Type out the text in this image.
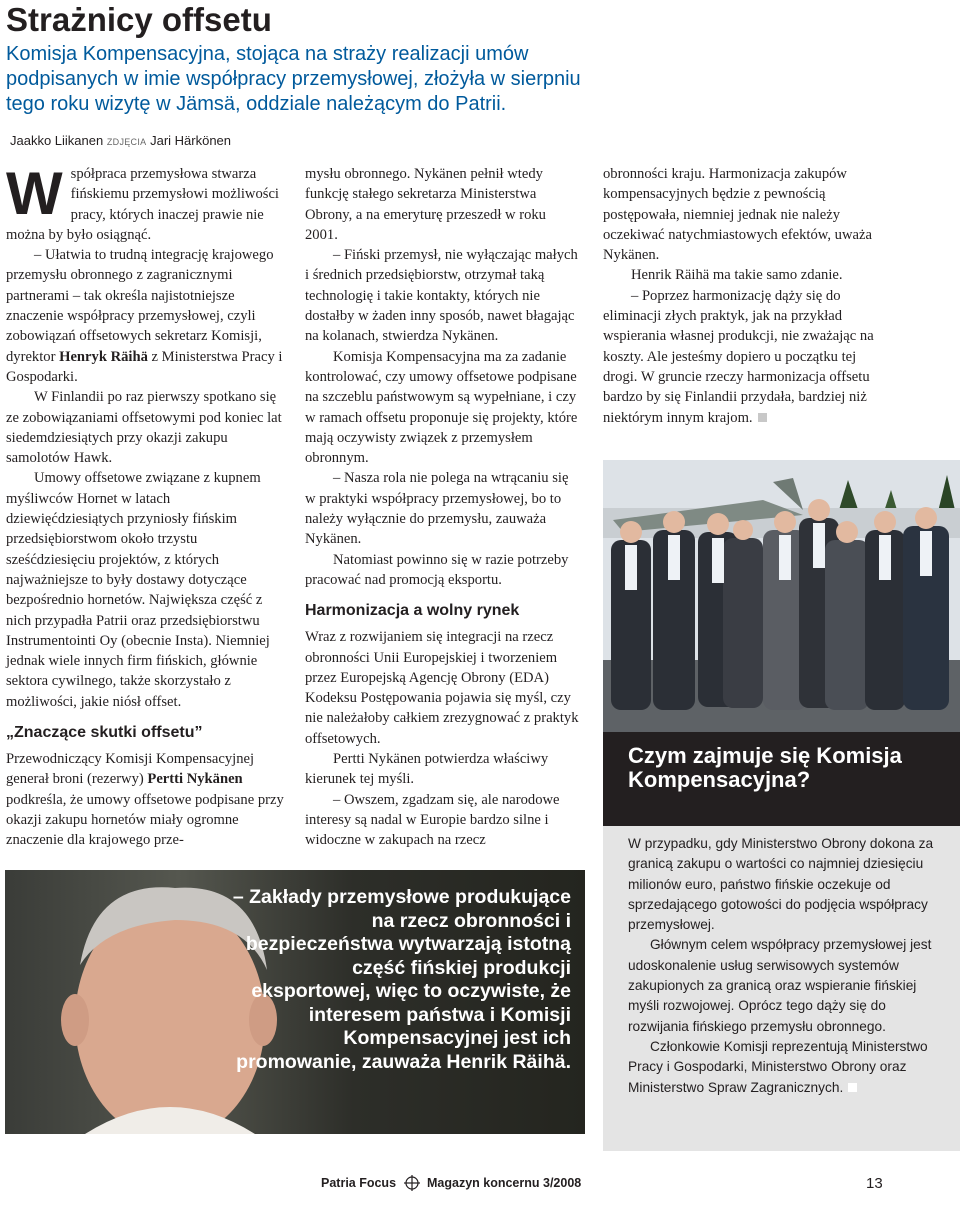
Strażnicy offsetu
Komisja Kompensacyjna, stojąca na straży realizacji umów podpisanych w imie współpracy przemysłowej, złożyła w sierpniu tego roku wizytę w Jämsä, oddziale należącym do Patrii.
Jaakko Liikanen ZDJĘCIA Jari Härkönen

Współpraca przemysłowa stwarza fińskiemu przemysłowi możliwości pracy, których inaczej prawie nie można by było osiągnąć.

– Ułatwia to trudną integrację krajowego przemysłu obronnego z zagranicznymi partnerami – tak określa najistotniejsze znaczenie współpracy przemysłowej, czyli zobowiązań offsetowych sekretarz Komisji, dyrektor Henryk Räihä z Ministerstwa Pracy i Gospodarki.

W Finlandii po raz pierwszy spotkano się ze zobowiązaniami offsetowymi pod koniec lat siedemdziesiątych przy okazji zakupu samolotów Hawk.

Umowy offsetowe związane z kupnem myśliwców Hornet w latach dziewięćdziesiątych przyniosły fińskim przedsiębiorstwom około trzystu sześćdziesięciu projektów, z których najważniejsze to były dostawy dotyczące bezpośrednio hornetów. Największa część z nich przypadła Patrii oraz przedsiębiorstwu Instrumentointi Oy (obecnie Insta). Niemniej jednak wiele innych firm fińskich, głównie sektora cywilnego, także skorzystało z możliwości, jakie niósł offset.

„Znaczące skutki offsetu”

Przewodniczący Komisji Kompensacyjnej generał broni (rezerwy) Pertti Nykänen podkreśla, że umowy offsetowe podpisane przy okazji zakupu hornetów miały ogromne znaczenie dla krajowego prze-

mysłu obronnego. Nykänen pełnił wtedy funkcję stałego sekretarza Ministerstwa Obrony, a na emeryturę przeszedł w roku 2001.

– Fiński przemysł, nie wyłączając małych i średnich przedsiębiorstw, otrzymał taką technologię i takie kontakty, których nie dostałby w żaden inny sposób, nawet błagając na kolanach, stwierdza Nykänen.

Komisja Kompensacyjna ma za zadanie kontrolować, czy umowy offsetowe podpisane na szczeblu państwowym są wypełniane, i czy w ramach offsetu proponuje się projekty, które mają oczywisty związek z przemysłem obronnym.

– Nasza rola nie polega na wtrącaniu się w praktyki współpracy przemysłowej, bo to należy wyłącznie do przemysłu, zauważa Nykänen.

Natomiast powinno się w razie potrzeby pracować nad promocją eksportu.

Harmonizacja a wolny rynek

Wraz z rozwijaniem się integracji na rzecz obronności Unii Europejskiej i tworzeniem przez Europejską Agencję Obrony (EDA) Kodeksu Postępowania pojawia się myśl, czy nie należałoby całkiem zrezygnować z praktyk offsetowych.

Pertti Nykänen potwierdza właściwy kierunek tej myśli.

– Owszem, zgadzam się, ale narodowe interesy są nadal w Europie bardzo silne i widoczne w zakupach na rzecz

obronności kraju. Harmonizacja zakupów kompensacyjnych będzie z pewnością postępowała, niemniej jednak nie należy oczekiwać natychmiastowych efektów, uważa Nykänen.

Henrik Räihä ma takie samo zdanie.

– Poprzez harmonizację dąży się do eliminacji złych praktyk, jak na przykład wspierania własnej produkcji, nie zważając na koszty. Ale jesteśmy dopiero u początku tej drogi. W gruncie rzeczy harmonizacja offsetu bardzo by się Finlandii przydała, bardziej niż niektórym innym krajom.

Czym zajmuje się Komisja Kompensacyjna?

W przypadku, gdy Ministerstwo Obrony dokona za granicą zakupu o wartości co najmniej dziesięciu milionów euro, państwo fińskie oczekuje od sprzedającego gotowości do podjęcia współpracy przemysłowej.

Głównym celem współpracy przemysłowej jest udoskonalenie usług serwisowych systemów zakupionych za granicą oraz wspieranie fińskiej myśli rozwojowej. Oprócz tego dąży się do rozwijania fińskiego przemysłu obronnego.

Członkowie Komisji reprezentują Ministerstwo Pracy i Gospodarki, Ministerstwo Obrony oraz Ministerstwo Spraw Zagranicznych.

– Zakłady przemysłowe produkujące na rzecz obronności i bezpieczeństwa wytwarzają istotną część fińskiej produkcji eksportowej, więc to oczywiste, że interesem państwa i Komisji Kompensacyjnej jest ich promowanie, zauważa Henrik Räihä.
Patria Focus Magazyn koncernu 3/2008	13
